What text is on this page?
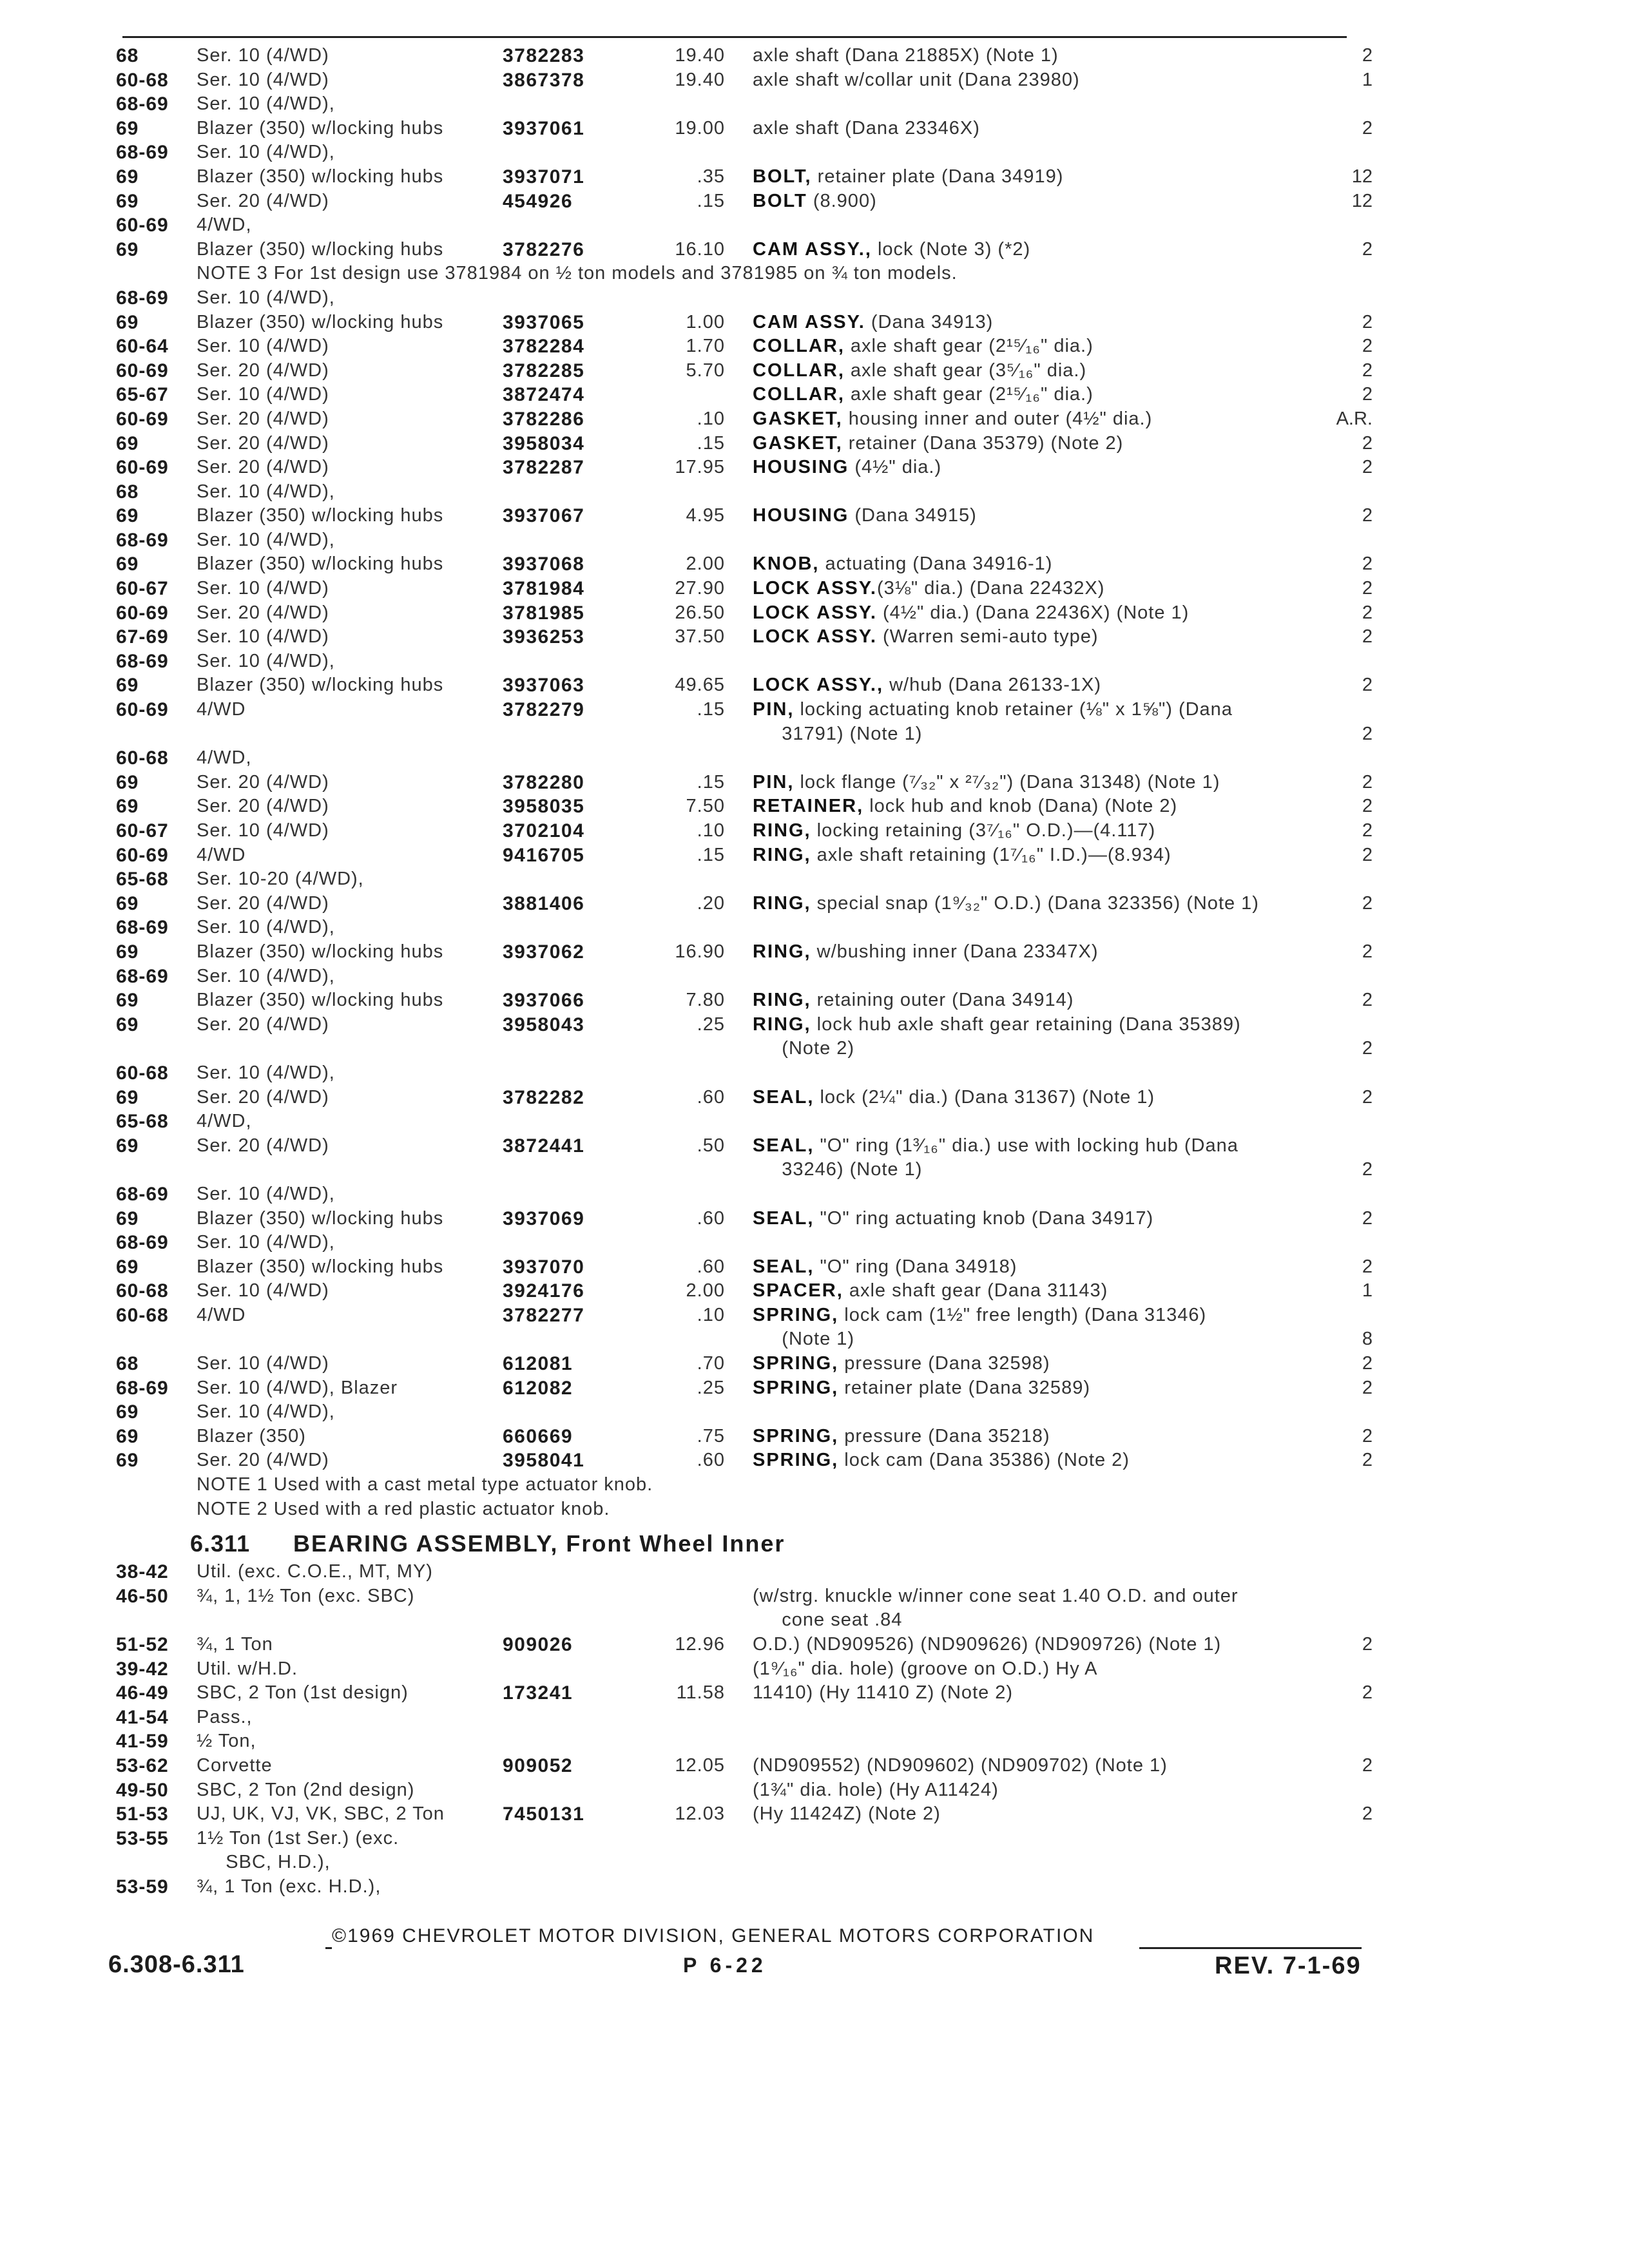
68	Ser. 10 (4/WD)	3782283	19.40 axle shaft (Dana 21885X) (Note 1)	2
60-68 Ser. 10 (4/WD)	3867378	19.40 axle shaft w/collar unit (Dana 23980)	1
68-69 Ser. 10 (4/WD),
69	Blazer (350) w/locking hubs	3937061	19.00 axle shaft (Dana 23346X)	2
68-69 Ser. 10 (4/WD),
69	Blazer (350) w/locking hubs	3937071	.35 BOLT, retainer plate (Dana 34919)	12
69	Ser. 20 (4/WD)	454926	.15 BOLT (8.900)	12
60-69 4/WD,
69	Blazer (350) w/locking hubs	3782276	16.10 CAM ASSY., lock (Note 3) (*2)	2
NOTE 3 For 1st design use 3781984 on ½ ton models and 3781985 on ¾ ton models.
68-69 Ser. 10 (4/WD),
69	Blazer (350) w/locking hubs	3937065	1.00 CAM ASSY. (Dana 34913)	2
60-64 Ser. 10 (4/WD)	3782284	1.70 COLLAR, axle shaft gear (2¹⁵⁄₁₆" dia.)	2
60-69 Ser. 20 (4/WD)	3782285	5.70 COLLAR, axle shaft gear (3⁵⁄₁₆" dia.)	2
65-67 Ser. 10 (4/WD)	3872474	COLLAR, axle shaft gear (2¹⁵⁄₁₆" dia.)	2
60-69 Ser. 20 (4/WD)	3782286	.10 GASKET, housing inner and outer (4½" dia.)	A.R.
69	Ser. 20 (4/WD)	3958034	.15 GASKET, retainer (Dana 35379) (Note 2)	2
60-69 Ser. 20 (4/WD)	3782287	17.95 HOUSING (4½" dia.)	2
68	Ser. 10 (4/WD),
69	Blazer (350) w/locking hubs	3937067	4.95 HOUSING (Dana 34915)	2
68-69 Ser. 10 (4/WD),
69	Blazer (350) w/locking hubs	3937068	2.00 KNOB, actuating (Dana 34916-1)	2
60-67 Ser. 10 (4/WD)	3781984	27.90 LOCK ASSY.(3⅛" dia.) (Dana 22432X)	2
60-69 Ser. 20 (4/WD)	3781985	26.50 LOCK ASSY. (4½" dia.) (Dana 22436X) (Note 1)	2
67-69 Ser. 10 (4/WD)	3936253	37.50 LOCK ASSY. (Warren semi-auto type)	2
68-69 Ser. 10 (4/WD),
69	Blazer (350) w/locking hubs	3937063	49.65 LOCK ASSY., w/hub (Dana 26133-1X)	2
60-69 4/WD	3782279	.15 PIN, locking actuating knob retainer (⅛" x 1⅝") (Dana
31791) (Note 1)	2
60-68 4/WD,
69	Ser. 20 (4/WD)	3782280	.15 PIN, lock flange (⁷⁄₃₂" x ²⁷⁄₃₂") (Dana 31348) (Note 1)	2
69	Ser. 20 (4/WD)	3958035	7.50 RETAINER, lock hub and knob (Dana) (Note 2)	2
60-67 Ser. 10 (4/WD)	3702104	.10 RING, locking retaining (3⁷⁄₁₆" O.D.)—(4.117)	2
60-69 4/WD	9416705	.15 RING, axle shaft retaining (1⁷⁄₁₆" I.D.)—(8.934)	2
65-68 Ser. 10-20 (4/WD),
69	Ser. 20 (4/WD)	3881406	.20 RING, special snap (1⁹⁄₃₂" O.D.) (Dana 323356) (Note 1)	2
68-69 Ser. 10 (4/WD),
69	Blazer (350) w/locking hubs	3937062	16.90 RING, w/bushing inner (Dana 23347X)	2
68-69 Ser. 10 (4/WD),
69	Blazer (350) w/locking hubs	3937066	7.80 RING, retaining outer (Dana 34914)	2
69	Ser. 20 (4/WD)	3958043	.25 RING, lock hub axle shaft gear retaining (Dana 35389)
(Note 2)	2
60-68 Ser. 10 (4/WD),
69	Ser. 20 (4/WD)	3782282	.60 SEAL, lock (2¼" dia.) (Dana 31367) (Note 1)	2
65-68 4/WD,
69	Ser. 20 (4/WD)	3872441	.50 SEAL, "O" ring (1³⁄₁₆" dia.) use with locking hub (Dana
33246) (Note 1)	2
68-69 Ser. 10 (4/WD),
69	Blazer (350) w/locking hubs	3937069	.60 SEAL, "O" ring actuating knob (Dana 34917)	2
68-69 Ser. 10 (4/WD),
69	Blazer (350) w/locking hubs	3937070	.60 SEAL, "O" ring (Dana 34918)	2
60-68 Ser. 10 (4/WD)	3924176	2.00 SPACER, axle shaft gear (Dana 31143)	1
60-68 4/WD	3782277	.10 SPRING, lock cam (1½" free length) (Dana 31346)
(Note 1)	8
68	Ser. 10 (4/WD)	612081	.70 SPRING, pressure (Dana 32598)	2
68-69 Ser. 10 (4/WD), Blazer	612082	.25 SPRING, retainer plate (Dana 32589)	2
69	Ser. 10 (4/WD),
69	Blazer (350)	660669	.75 SPRING, pressure (Dana 35218)	2
69	Ser. 20 (4/WD)	3958041	.60 SPRING, lock cam (Dana 35386) (Note 2)	2
NOTE 1 Used with a cast metal type actuator knob.
NOTE 2 Used with a red plastic actuator knob.
6.311 BEARING ASSEMBLY, Front Wheel Inner
38-42 Util. (exc. C.O.E., MT, MY)
46-50 ¾, 1, 1½ Ton (exc. SBC)	(w/strg. knuckle w/inner cone seat 1.40 O.D. and outer
cone seat .84
51-52 ¾, 1 Ton	909026	12.96 O.D.) (ND909526) (ND909626) (ND909726) (Note 1)	2
39-42 Util. w/H.D.	(1⁹⁄₁₆" dia. hole) (groove on O.D.) Hy A
46-49 SBC, 2 Ton (1st design)	173241	11.58 11410) (Hy 11410 Z) (Note 2)	2
41-54 Pass.,
41-59 ½ Ton,
53-62 Corvette	909052	12.05 (ND909552) (ND909602) (ND909702) (Note 1)	2
49-50 SBC, 2 Ton (2nd design)	(1¾" dia. hole) (Hy A11424)
51-53 UJ, UK, VJ, VK, SBC, 2 Ton	7450131	12.03 (Hy 11424Z) (Note 2)	2
53-55 1½ Ton (1st Ser.) (exc.
SBC, H.D.),
53-59 ¾, 1 Ton (exc. H.D.),
©1969 CHEVROLET MOTOR DIVISION, GENERAL MOTORS CORPORATION
6.308-6.311	P 6-22	REV. 7-1-69
